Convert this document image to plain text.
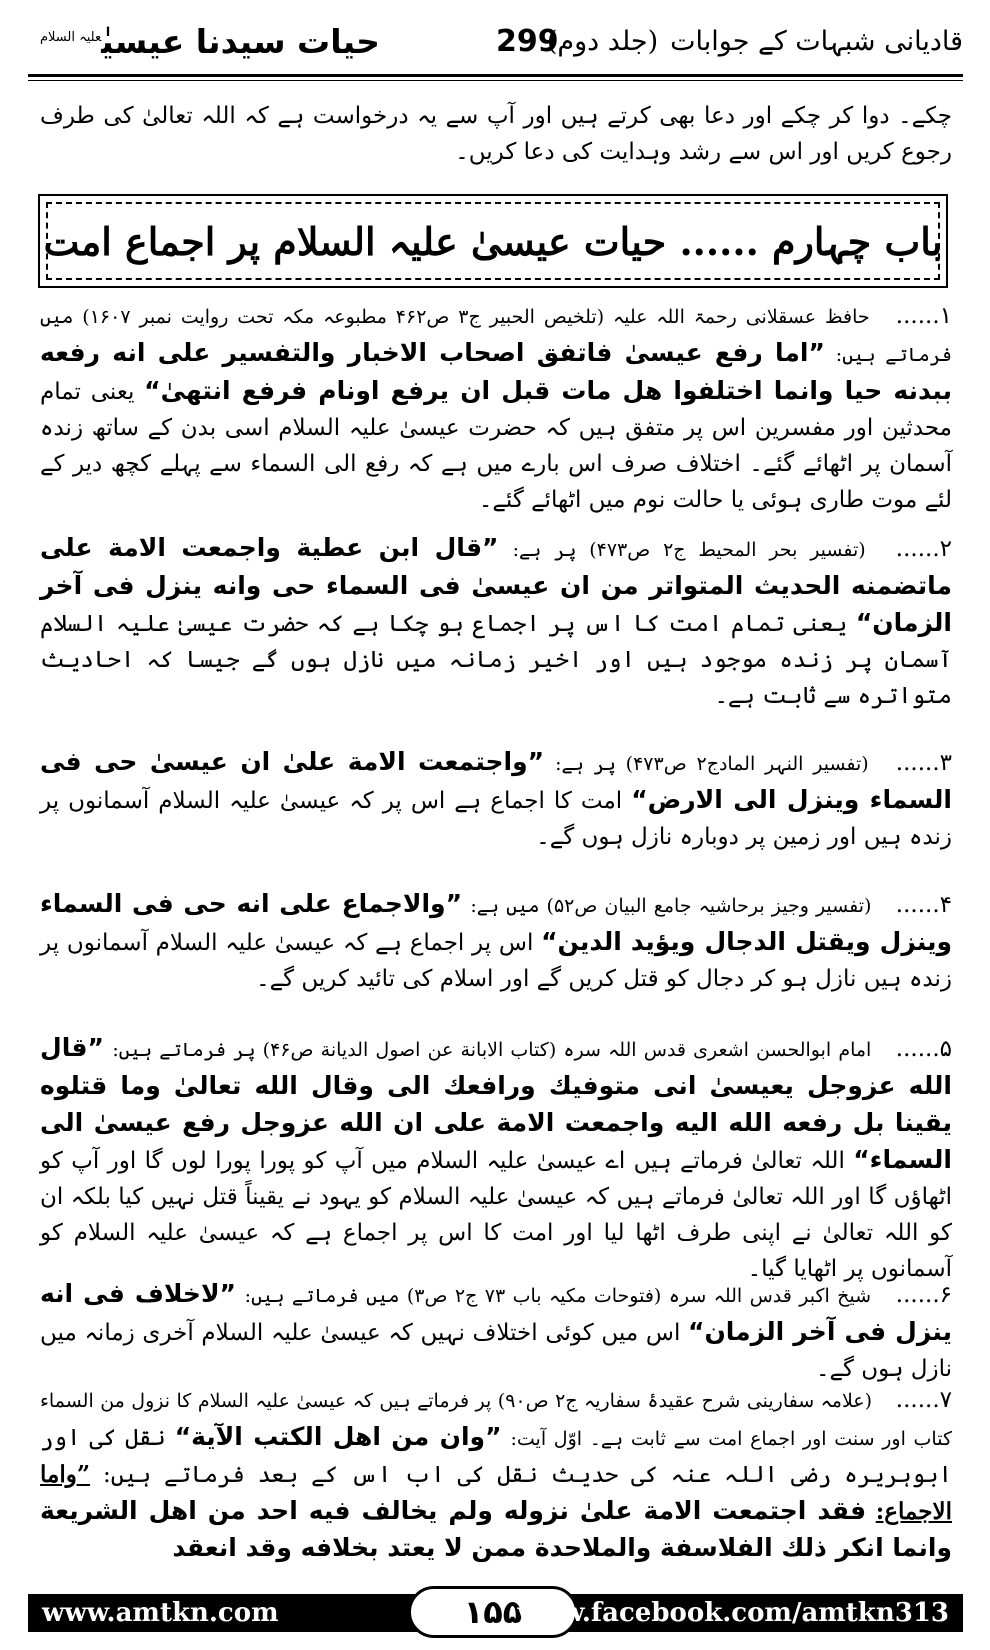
قادیانی شبہات کے جوابات(جلد دوم)
299
حیات سیدنا عیسیٰ$^{علیہ السلام}$
چکے۔ دوا کر چکے اور دعا بھی کرتے ہیں اور آپ سے یہ درخواست ہے کہ اللہ تعالیٰ کی طرف رجوع کریں اور اس سے رشد وہدایت کی دعا کریں۔
باب چہارم ...... حیات عیسیٰ علیہ السلام پر اجماع امت
۱...... حافظ عسقلانی رحمۃ اللہ علیہ (تلخیص الحبیر ج۳ ص۴۶۲ مطبوعہ مکہ تحت روایت نمبر ۱۶۰۷) میں فرماتے ہیں: ”اما رفع عیسیٰ فاتفق اصحاب الاخبار والتفسیر علی انه رفعه ببدنه حیا وانما اختلفوا هل مات قبل ان یرفع اونام فرفع انتهیٰ“ یعنی تمام محدثین اور مفسرین اس پر متفق ہیں کہ حضرت عیسیٰ علیہ السلام اسی بدن کے ساتھ زندہ آسمان پر اٹھائے گئے۔ اختلاف صرف اس بارے میں ہے کہ رفع الی السماء سے پہلے کچھ دیر کے لئے موت طاری ہوئی یا حالت نوم میں اٹھائے گئے۔
۲...... (تفسیر بحر المحیط ج۲ ص۴۷۳) پر ہے: ”قال ابن عطیة واجمعت الامة علی ماتضمنه الحدیث المتواتر من ان عیسیٰ فی السماء حی وانه ینزل فی آخر الزمان“ یعنی تمام امت کا اس پر اجماع ہو چکا ہے کہ حضرت عیسیٰ علیہ السلام آسمان پر زندہ موجود ہیں اور اخیر زمانہ میں نازل ہوں گے جیسا کہ احادیث متواترہ سے ثابت ہے۔
۳...... (تفسیر النہر المادج۲ ص۴۷۳) پر ہے: ”واجتمعت الامة علیٰ ان عیسیٰ حی فی السماء وینزل الی الارض“ امت کا اجماع ہے اس پر کہ عیسیٰ علیہ السلام آسمانوں پر زندہ ہیں اور زمین پر دوبارہ نازل ہوں گے۔
۴...... (تفسیر وجیز برحاشیہ جامع البیان ص۵۲) میں ہے: ”والاجماع علی انه حی فی السماء وینزل ویقتل الدجال ویؤید الدین“ اس پر اجماع ہے کہ عیسیٰ علیہ السلام آسمانوں پر زندہ ہیں نازل ہو کر دجال کو قتل کریں گے اور اسلام کی تائید کریں گے۔
۵...... امام ابوالحسن اشعری قدس اللہ سرہ (کتاب الابانة عن اصول الدیانة ص۴۶) پر فرماتے ہیں: ”قال الله عزوجل یعیسیٰ انی متوفیك ورافعك الی وقال الله تعالیٰ وما قتلوه یقینا بل رفعه الله الیه واجمعت الامة علی ان الله عزوجل رفع عیسیٰ الی السماء“ اللہ تعالیٰ فرماتے ہیں اے عیسیٰ علیہ السلام میں آپ کو پورا پورا لوں گا اور آپ کو اٹھاؤں گا اور اللہ تعالیٰ فرماتے ہیں کہ عیسیٰ علیہ السلام کو یہود نے یقیناً قتل نہیں کیا بلکہ ان کو اللہ تعالیٰ نے اپنی طرف اٹھا لیا اور امت کا اس پر اجماع ہے کہ عیسیٰ علیہ السلام کو آسمانوں پر اٹھایا گیا۔
۶...... شیخ اکبر قدس اللہ سرہ (فتوحات مکیہ باب ۷۳ ج۲ ص۳) میں فرماتے ہیں: ”لاخلاف فی انه ینزل فی آخر الزمان“ اس میں کوئی اختلاف نہیں کہ عیسیٰ علیہ السلام آخری زمانہ میں نازل ہوں گے۔
۷...... (علامہ سفارینی شرح عقیدۂ سفاریہ ج۲ ص۹۰) پر فرماتے ہیں کہ عیسیٰ علیہ السلام کا نزول من السماء کتاب اور سنت اور اجماع امت سے ثابت ہے۔ اوّل آیت: ”وان من اهل الکتب الآیة“ نقل کی اور ابوہریرہ رضی اللہ عنہ کی حدیث نقل کی اب اس کے بعد فرماتے ہیں: ”واما الاجماع: فقد اجتمعت الامة علیٰ نزوله ولم یخالف فیه احد من اهل الشریعة وانما انکر ذلك الفلاسفة والملاحدة ممن لا یعتد بخلافه وقد انعقد
www.amtkn.com	۱۵۵
www.facebook.com/amtkn313
